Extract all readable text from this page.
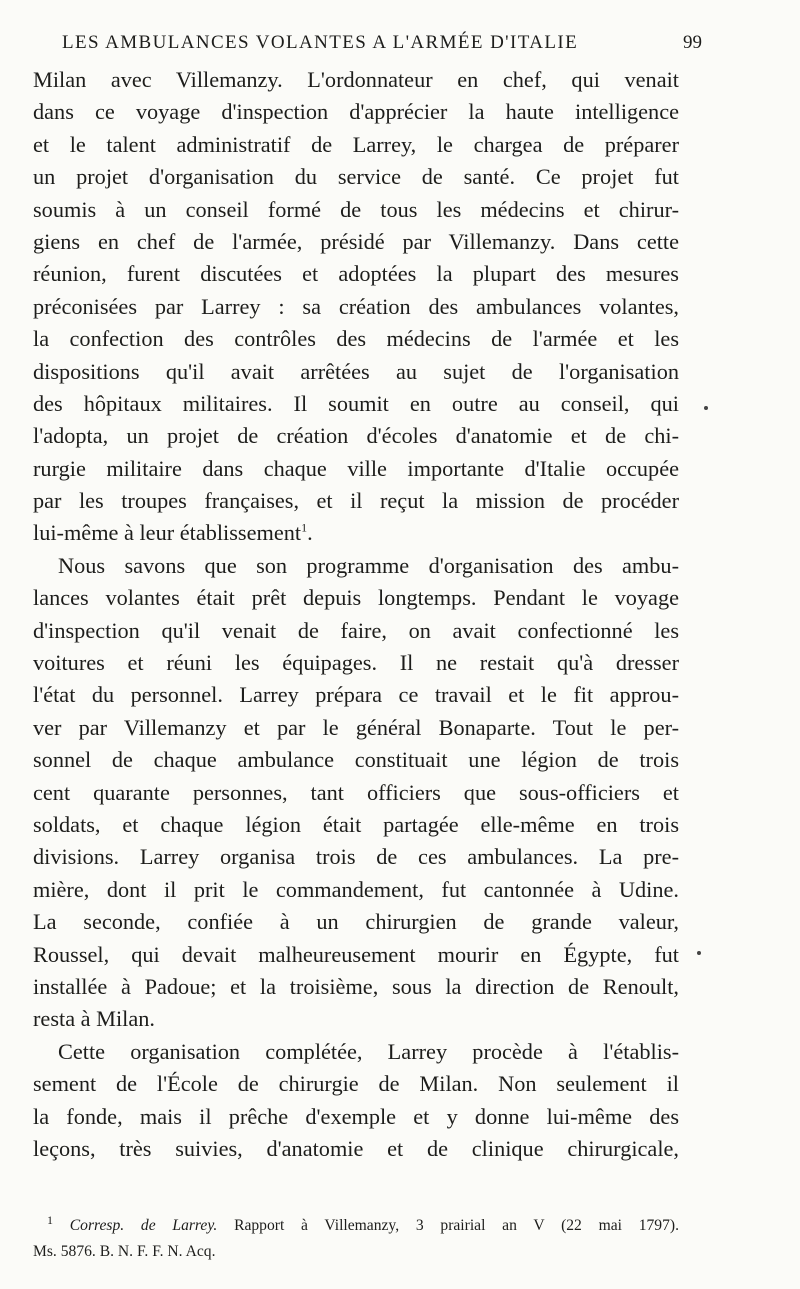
LES AMBULANCES VOLANTES A L'ARMÉE D'ITALIE	99
Milan avec Villemanzy. L'ordonnateur en chef, qui venait
dans ce voyage d'inspection d'apprécier la haute intelligence
et le talent administratif de Larrey, le chargea de préparer
un projet d'organisation du service de santé. Ce projet fut
soumis à un conseil formé de tous les médecins et chirur-
giens en chef de l'armée, présidé par Villemanzy. Dans cette
réunion, furent discutées et adoptées la plupart des mesures
préconisées par Larrey : sa création des ambulances volantes,
la confection des contrôles des médecins de l'armée et les
dispositions qu'il avait arrêtées au sujet de l'organisation
des hôpitaux militaires. Il soumit en outre au conseil, qui
l'adopta, un projet de création d'écoles d'anatomie et de chi-
rurgie militaire dans chaque ville importante d'Italie occupée
par les troupes françaises, et il reçut la mission de procéder
lui-même à leur établissement$^1$.
Nous savons que son programme d'organisation des ambu-
lances volantes était prêt depuis longtemps. Pendant le voyage
d'inspection qu'il venait de faire, on avait confectionné les
voitures et réuni les équipages. Il ne restait qu'à dresser
l'état du personnel. Larrey prépara ce travail et le fit approu-
ver par Villemanzy et par le général Bonaparte. Tout le per-
sonnel de chaque ambulance constituait une légion de trois
cent quarante personnes, tant officiers que sous-officiers et
soldats, et chaque légion était partagée elle-même en trois
divisions. Larrey organisa trois de ces ambulances. La pre-
mière, dont il prit le commandement, fut cantonnée à Udine.
La seconde, confiée à un chirurgien de grande valeur,
Roussel, qui devait malheureusement mourir en Égypte, fut
installée à Padoue; et la troisième, sous la direction de Renoult,
resta à Milan.
Cette organisation complétée, Larrey procède à l'établis-
sement de l'École de chirurgie de Milan. Non seulement il
la fonde, mais il prêche d'exemple et y donne lui-même des
leçons, très suivies, d'anatomie et de clinique chirurgicale,
$^1$ Corresp. de Larrey. Rapport à Villemanzy, 3 prairial an V (22 mai 1797).
Ms. 5876. B. N. F. F. N. Acq.
